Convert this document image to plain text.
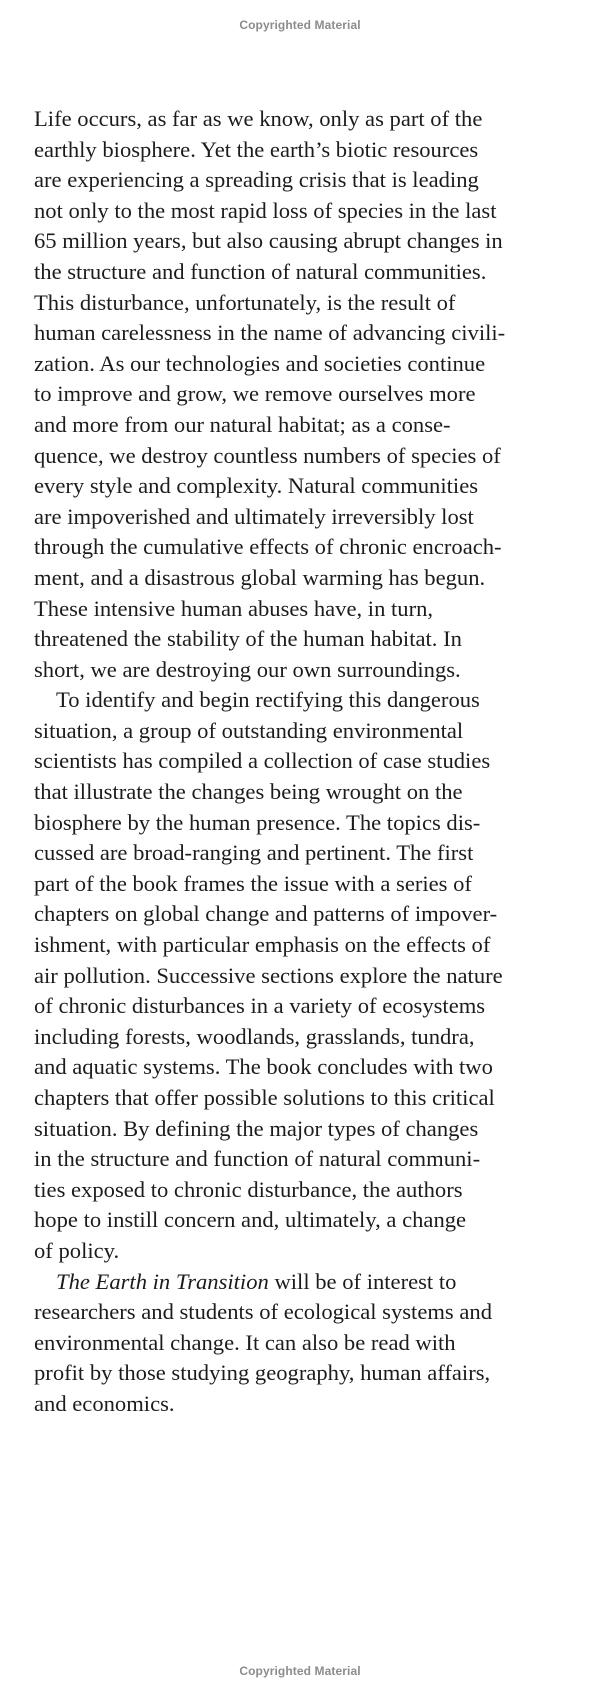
Copyrighted Material
Life occurs, as far as we know, only as part of the
earthly biosphere. Yet the earth’s biotic resources
are experiencing a spreading crisis that is leading
not only to the most rapid loss of species in the last
65 million years, but also causing abrupt changes in
the structure and function of natural communities.
This disturbance, unfortunately, is the result of
human carelessness in the name of advancing civili-
zation. As our technologies and societies continue
to improve and grow, we remove ourselves more
and more from our natural habitat; as a conse-
quence, we destroy countless numbers of species of
every style and complexity. Natural communities
are impoverished and ultimately irreversibly lost
through the cumulative effects of chronic encroach-
ment, and a disastrous global warming has begun.
These intensive human abuses have, in turn,
threatened the stability of the human habitat. In
short, we are destroying our own surroundings.
To identify and begin rectifying this dangerous
situation, a group of outstanding environmental
scientists has compiled a collection of case studies
that illustrate the changes being wrought on the
biosphere by the human presence. The topics dis-
cussed are broad-ranging and pertinent. The first
part of the book frames the issue with a series of
chapters on global change and patterns of impover-
ishment, with particular emphasis on the effects of
air pollution. Successive sections explore the nature
of chronic disturbances in a variety of ecosystems
including forests, woodlands, grasslands, tundra,
and aquatic systems. The book concludes with two
chapters that offer possible solutions to this critical
situation. By defining the major types of changes
in the structure and function of natural communi-
ties exposed to chronic disturbance, the authors
hope to instill concern and, ultimately, a change
of policy.
The Earth in Transition will be of interest to
researchers and students of ecological systems and
environmental change. It can also be read with
profit by those studying geography, human affairs,
and economics.
Copyrighted Material
